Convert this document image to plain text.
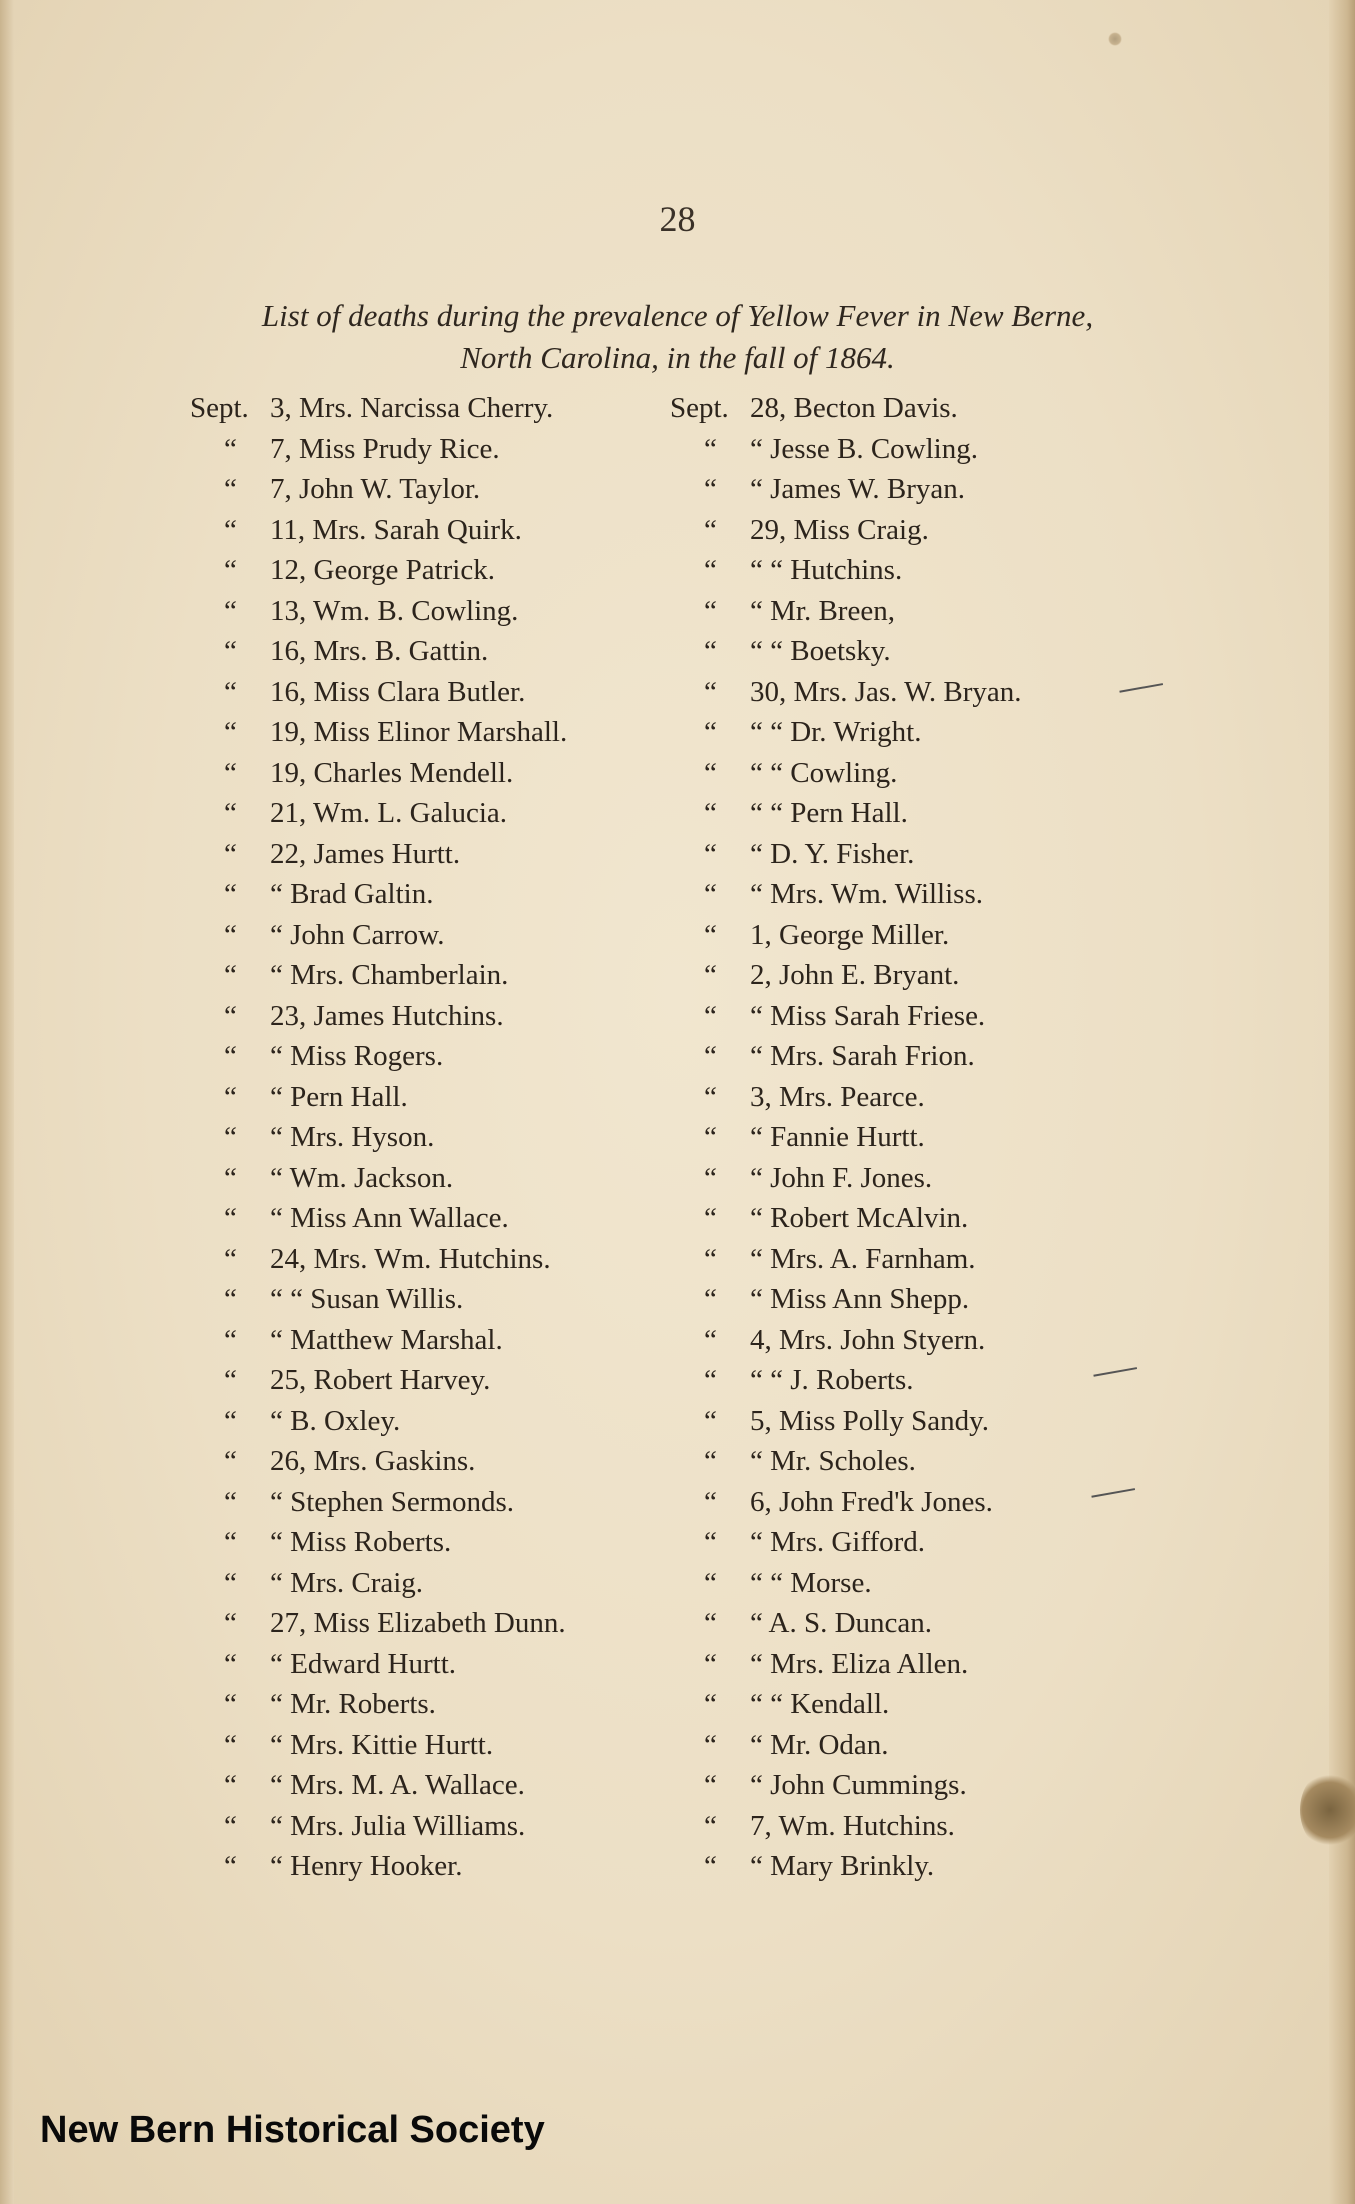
28
List of deaths during the prevalence of Yellow Fever in New Berne,
North Carolina, in the fall of 1864.
Sept. 3, Mrs. Narcissa Cherry.
“ 7, Miss Prudy Rice.
“ 7, John W. Taylor.
“ 11, Mrs. Sarah Quirk.
“ 12, George Patrick.
“ 13, Wm. B. Cowling.
“ 16, Mrs. B. Gattin.
“ 16, Miss Clara Butler.
“ 19, Miss Elinor Marshall.
“ 19, Charles Mendell.
“ 21, Wm. L. Galucia.
“ 22, James Hurtt.
“ “ Brad Galtin.
“ “ John Carrow.
“ “ Mrs. Chamberlain.
“ 23, James Hutchins.
“ “ Miss Rogers.
“ “ Pern Hall.
“ “ Mrs. Hyson.
“ “ Wm. Jackson.
“ “ Miss Ann Wallace.
“ 24, Mrs. Wm. Hutchins.
“ “ “ Susan Willis.
“ “ Matthew Marshal.
“ 25, Robert Harvey.
“ “ B. Oxley.
“ 26, Mrs. Gaskins.
“ “ Stephen Sermonds.
“ “ Miss Roberts.
“ “ Mrs. Craig.
“ 27, Miss Elizabeth Dunn.
“ “ Edward Hurtt.
“ “ Mr. Roberts.
“ “ Mrs. Kittie Hurtt.
“ “ Mrs. M. A. Wallace.
“ “ Mrs. Julia Williams.
“ “ Henry Hooker.
Sept. 28, Becton Davis.
“ “ Jesse B. Cowling.
“ “ James W. Bryan.
“ 29, Miss Craig.
“ “ “ Hutchins.
“ “ Mr. Breen,
“ “ “ Boetsky.
“ 30, Mrs. Jas. W. Bryan.
“ “ “ Dr. Wright.
“ “ “ Cowling.
“ “ “ Pern Hall.
“ “ D. Y. Fisher.
“ “ Mrs. Wm. Williss.
“ 1, George Miller.
“ 2, John E. Bryant.
“ “ Miss Sarah Friese.
“ “ Mrs. Sarah Frion.
“ 3, Mrs. Pearce.
“ “ Fannie Hurtt.
“ “ John F. Jones.
“ “ Robert McAlvin.
“ “ Mrs. A. Farnham.
“ “ Miss Ann Shepp.
“ 4, Mrs. John Styern.
“ “ “ J. Roberts.
“ 5, Miss Polly Sandy.
“ “ Mr. Scholes.
“ 6, John Fred'k Jones.
“ “ Mrs. Gifford.
“ “ “ Morse.
“ “ A. S. Duncan.
“ “ Mrs. Eliza Allen.
“ “ “ Kendall.
“ “ Mr. Odan.
“ “ John Cummings.
“ 7, Wm. Hutchins.
“ “ Mary Brinkly.
New Bern Historical Society
